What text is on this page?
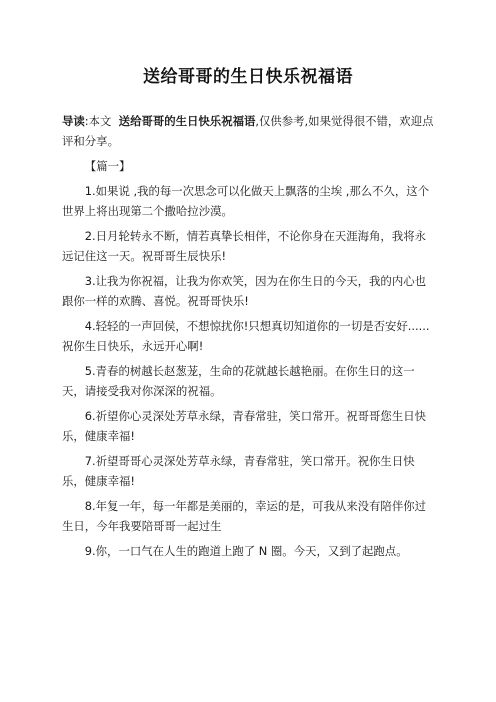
送给哥哥的生日快乐祝福语

导读:本文 送给哥哥的生日快乐祝福语,仅供参考,如果觉得很不错，欢迎点评和分享。

【篇一】

1.如果说 ,我的每一次思念可以化做天上飘落的尘埃 ,那么不久，这个世界上将出现第二个撒哈拉沙漠。

2.日月轮转永不断，情若真挚长相伴，不论你身在天涯海角，我将永远记住这一天。祝哥哥生辰快乐!

3.让我为你祝福，让我为你欢笑，因为在你生日的今天，我的内心也跟你一样的欢腾、喜悦。祝哥哥快乐!

4.轻轻的一声回侯，不想惊扰你!只想真切知道你的一切是否安好......祝你生日快乐，永远开心啊!

5.青春的树越长赵葱茏，生命的花就越长越艳丽。在你生日的这一天，请接受我对你深深的祝福。

6.祈望你心灵深处芳草永绿，青春常驻，笑口常开。祝哥哥您生日快乐，健康幸福!

7.祈望哥哥心灵深处芳草永绿，青春常驻，笑口常开。祝你生日快乐，健康幸福!

8.年复一年，每一年都是美丽的，幸运的是，可我从来没有陪伴你过生日，今年我要陪哥哥一起过生

9.你，一口气在人生的跑道上跑了 N 圈。今天，又到了起跑点。
